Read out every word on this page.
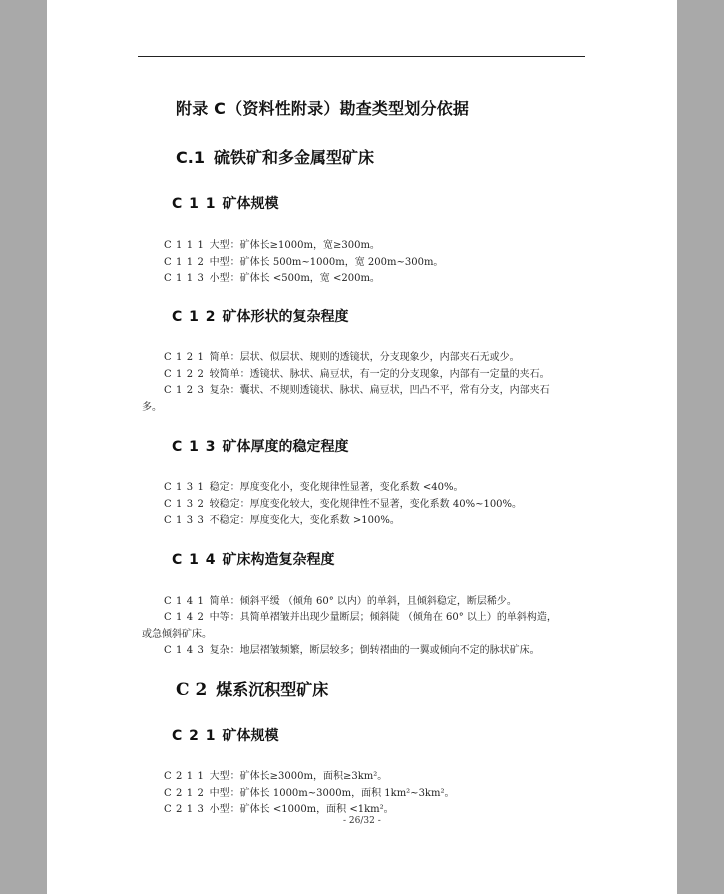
附录 C（资料性附录）勘查类型划分依据
C.1 硫铁矿和多金属型矿床
C 1 1 矿体规模
C 1 1 1 大型：矿体长≥1000m，宽≥300m。
C 1 1 2 中型：矿体长 500m~1000m，宽 200m~300m。
C 1 1 3 小型：矿体长 <500m，宽 <200m。
C 1 2 矿体形状的复杂程度
C 1 2 1 简单：层状、似层状、规则的透镜状，分支现象少，内部夹石无或少。
C 1 2 2 较简单：透镜状、脉状、扁豆状，有一定的分支现象，内部有一定量的夹石。
C 1 2 3 复杂：囊状、不规则透镜状、脉状、扁豆状，凹凸不平，常有分支，内部夹石
多。
C 1 3 矿体厚度的稳定程度
C 1 3 1 稳定：厚度变化小，变化规律性显著，变化系数 <40%。
C 1 3 2 较稳定：厚度变化较大，变化规律性不显著，变化系数 40%~100%。
C 1 3 3 不稳定：厚度变化大，变化系数 >100%。
C 1 4 矿床构造复杂程度
C 1 4 1 简单：倾斜平缓 （倾角 60° 以内）的单斜，且倾斜稳定，断层稀少。
C 1 4 2 中等：具简单褶皱并出现少量断层；倾斜陡 （倾角在 60° 以上）的单斜构造，
或急倾斜矿床。
C 1 4 3 复杂：地层褶皱频繁，断层较多；倒转褶曲的一翼或倾向不定的脉状矿床。
C 2 煤系沉积型矿床
C 2 1 矿体规模
C 2 1 1 大型：矿体长≥3000m，面积≥3km²。
C 2 1 2 中型：矿体长 1000m~3000m，面积 1km²~3km²。
C 2 1 3 小型：矿体长 <1000m，面积 <1km²。
- 26/32 -
